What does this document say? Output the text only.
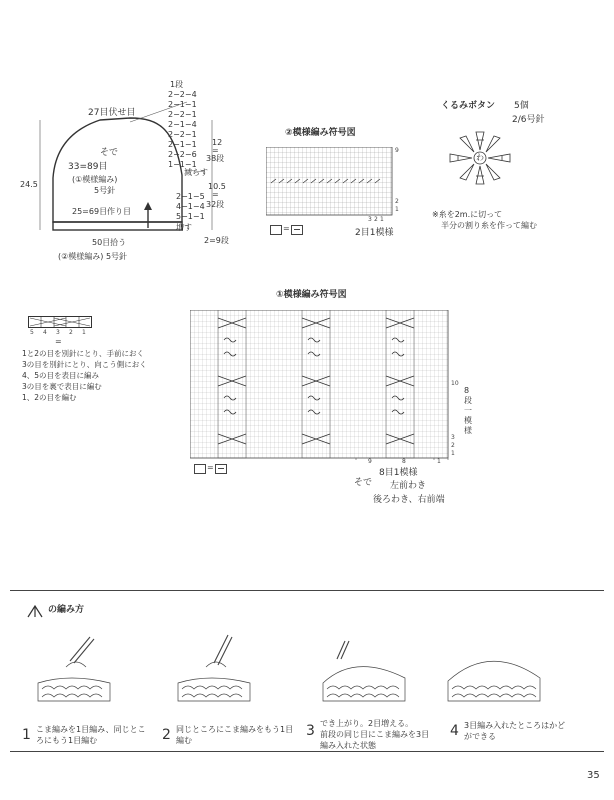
27目伏せ目
そで
33=89目
(①模様編み)
5号針
25=69目作り目
50目拾う
(②模様編み) 5号針
24.5
1段
2−2−4
2−1−1
2−2−1
2−1−4
2−2−1
2−1−1
2−2−6
1−1−1
減らす
2−1−5
4−1−4
5−1−1
増す
12
=
38段
10.5
=
32段
2=9段
②模様編み符号図
9
2
1
3 2 1
=	2目1模様
くるみボタン 5個
2/6号針
わ
※糸を2m.に切って
半分の割り糸を作って編む
5 4 3 2 1
=
1と2の目を別針にとり、手前におく
3の目を別針にとり、向こう側におく
4、5の目を表目に編み
3の目を裏で表目に編む
1、2の目を編む
①模様編み符号図
10
3
2
1
9	8	1
8段一模様
=
8目1模様
そで 左前わき
後ろわき、右前端
の編み方
1 こま編みを1目編み、同じとこ
ろにもう1目編む	2 同じところにこま編みをもう1目
編む
3 でき上がり。2目増える。
前段の同じ目にこま編みを3目
編み入れた状態
4 3目編み入れたところはかど
ができる
35
